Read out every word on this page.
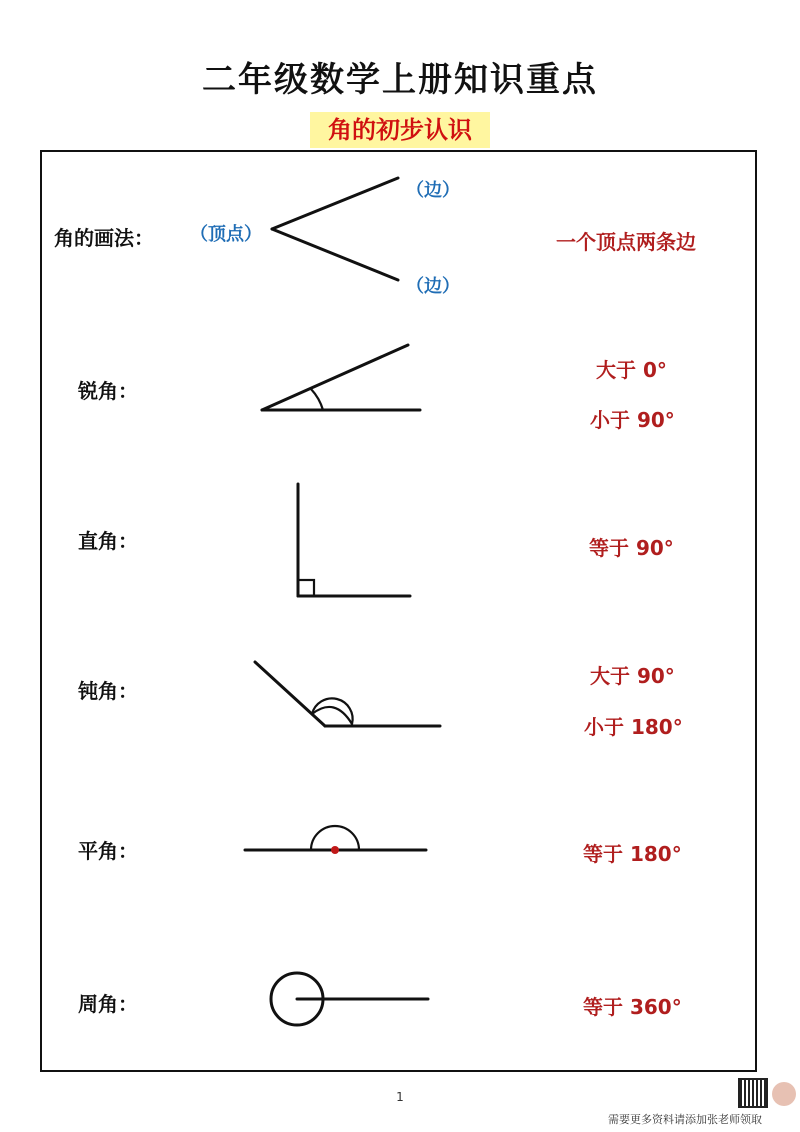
二年级数学上册知识重点
角的初步认识
角的画法： （顶点）
（边）
（边）
一个顶点两条边
锐角：
直角：
钝角：
平角：
周角：
大于 0°
小于 90°
等于 90°
大于 90°
小于 180°
等于 180°
等于 360°
1
需要更多资料请添加张老师领取
